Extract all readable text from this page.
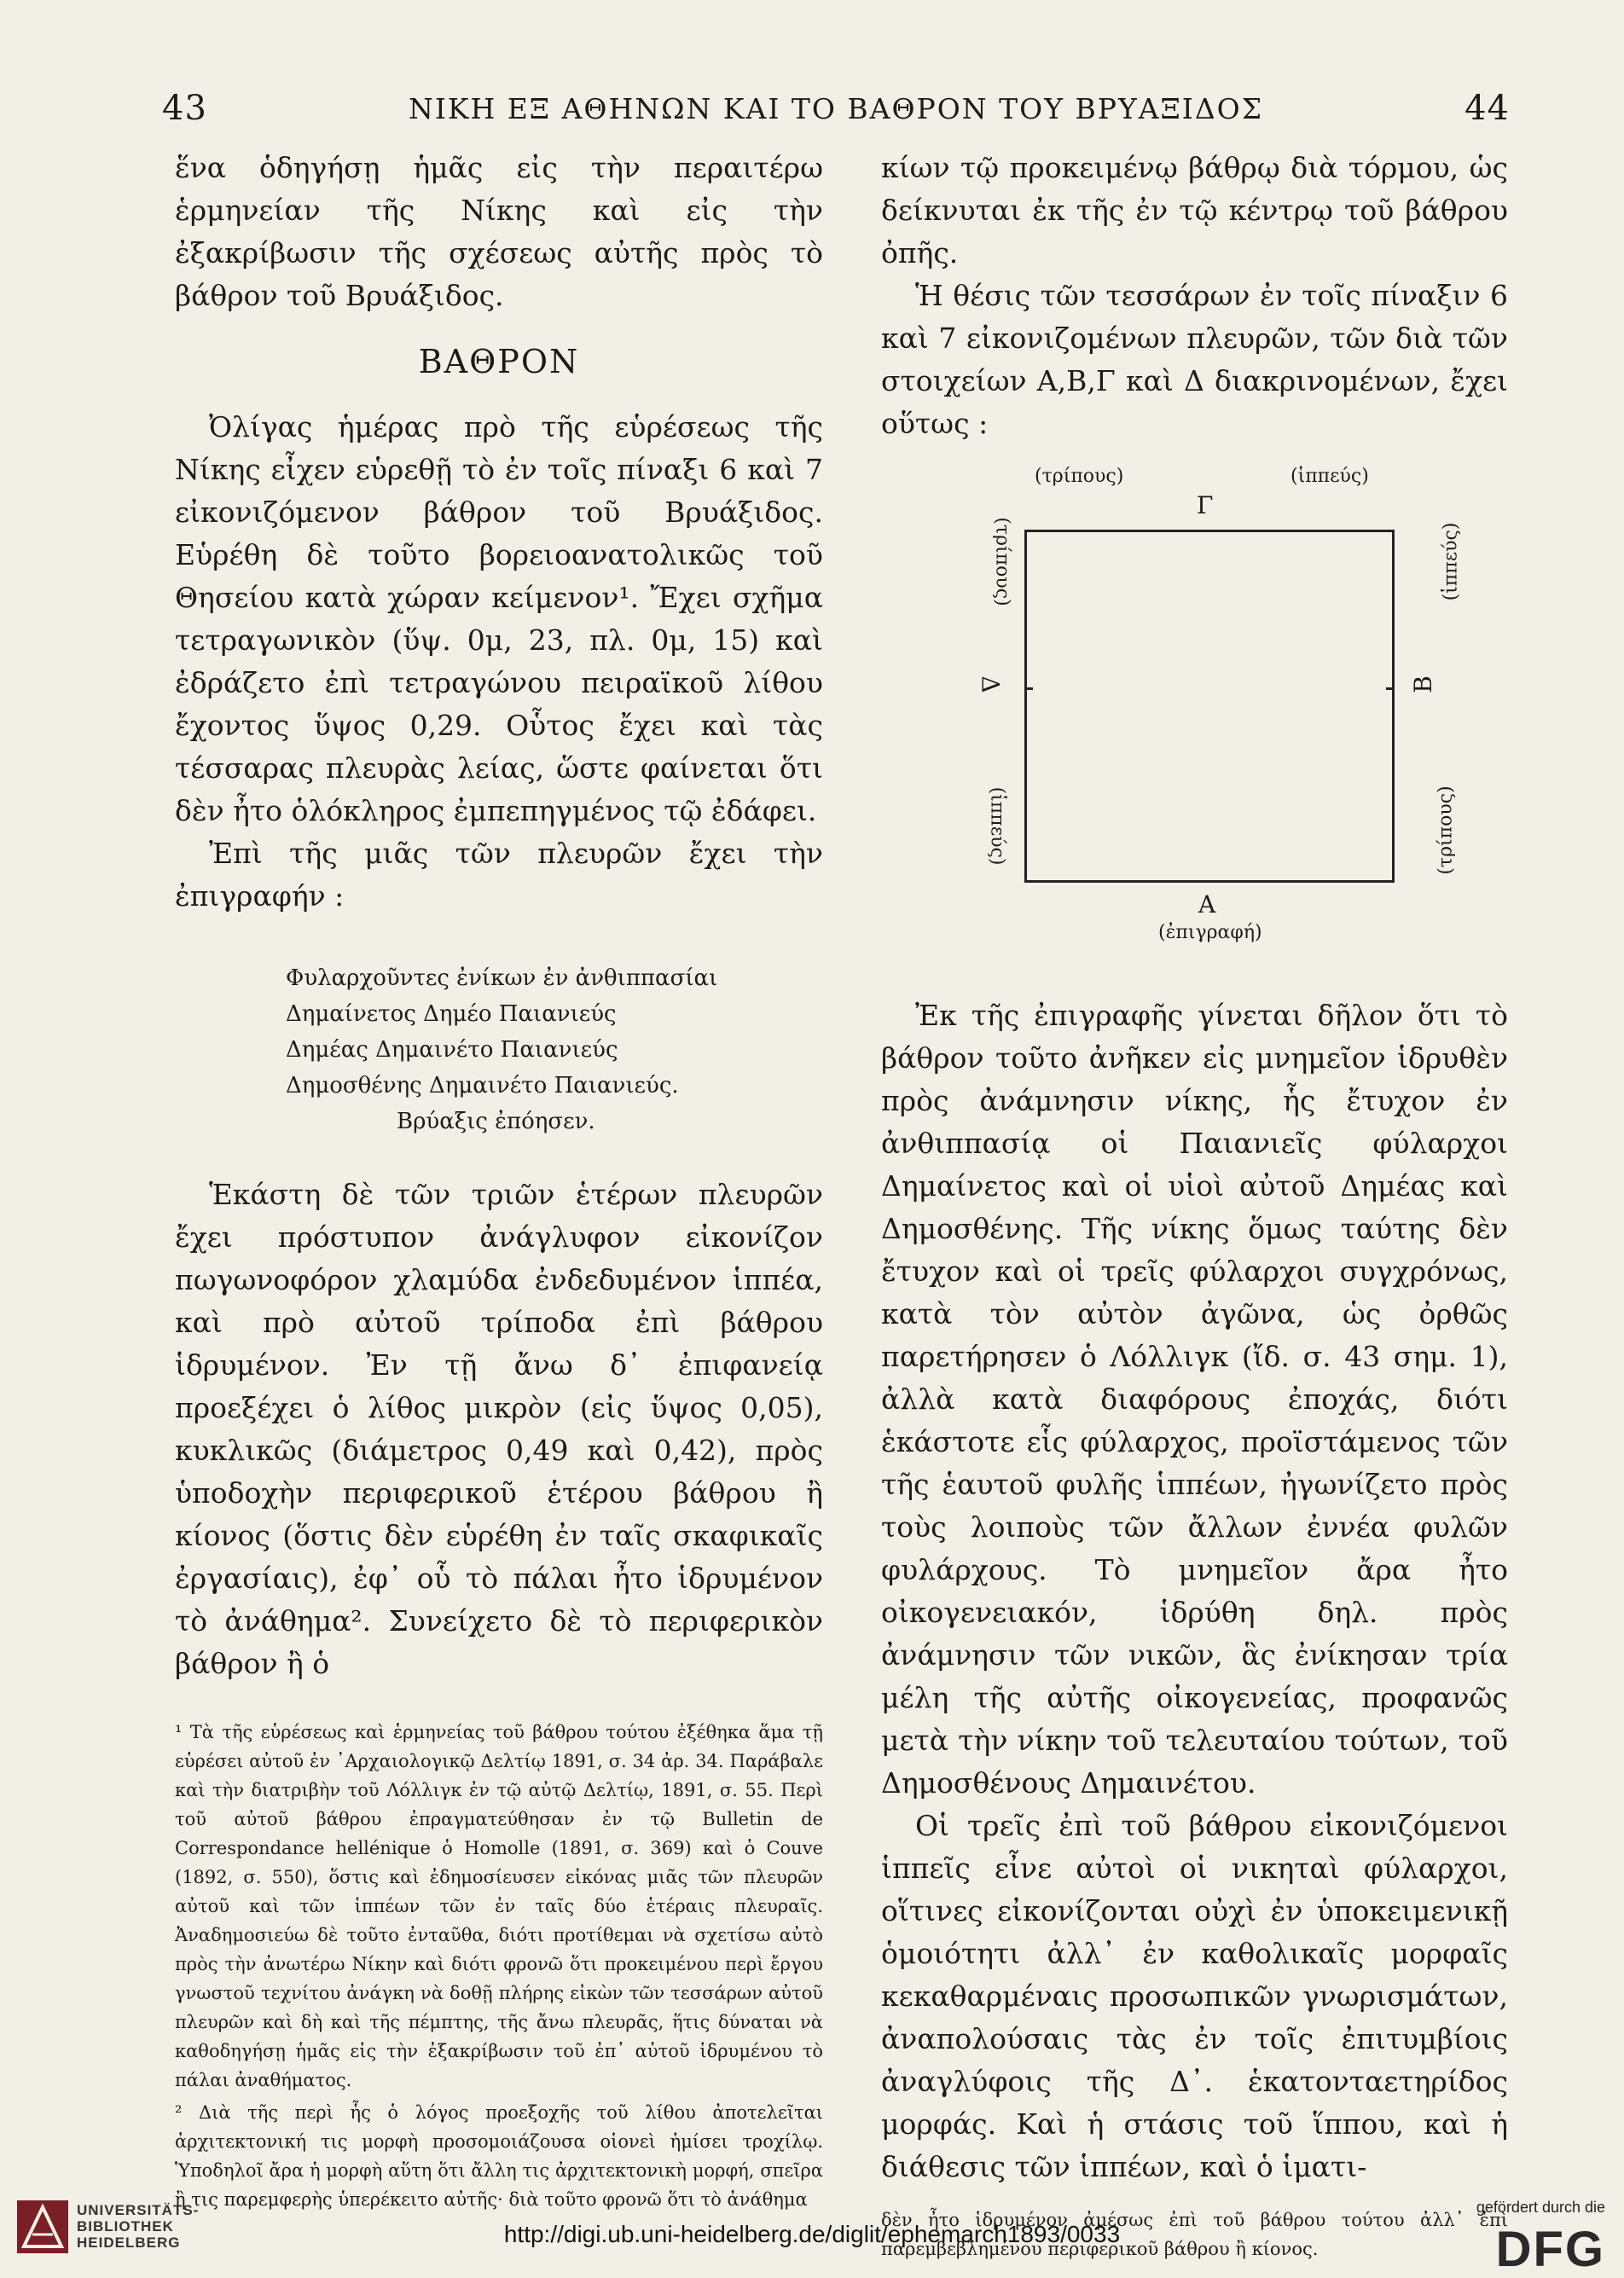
43	ΝΙΚΗ ΕΞ ΑΘΗΝΩΝ ΚΑΙ ΤΟ ΒΑΘΡΟΝ ΤΟΥ ΒΡΥΑΞΙΔΟΣ	44

ἕνα ὁδηγήσῃ ἡμᾶς εἰς τὴν περαιτέρω ἑρμηνείαν τῆς Νίκης καὶ εἰς τὴν ἐξακρίβωσιν τῆς σχέσεως αὐτῆς πρὸς τὸ βάθρον τοῦ Βρυάξιδος.

ΒΑΘΡΟΝ

Ὀλίγας ἡμέρας πρὸ τῆς εὑρέσεως τῆς Νίκης εἶχεν εὑρεθῇ τὸ ἐν τοῖς πίναξι 6 καὶ 7 εἰκονιζόμενον βάθρον τοῦ Βρυάξιδος. Εὑρέθη δὲ τοῦτο βορειοανατολικῶς τοῦ Θησείου κατὰ χώραν κείμενον¹. Ἔχει σχῆμα τετραγωνικὸν (ὕψ. 0μ, 23, πλ. 0μ, 15) καὶ ἐδράζετο ἐπὶ τετραγώνου πειραϊκοῦ λίθου ἔχοντος ὕψος 0,29. Οὗτος ἔχει καὶ τὰς τέσσαρας πλευρὰς λείας, ὥστε φαίνεται ὅτι δὲν ἦτο ὁλόκληρος ἐμπεπηγμένος τῷ ἐδάφει.

Ἐπὶ τῆς μιᾶς τῶν πλευρῶν ἔχει τὴν ἐπιγραφήν :

Φυλαρχοῦντες ἐνίκων ἐν ἀνθιππασίαι
Δημαίνετος Δημέο Παιανιεύς
Δημέας Δημαινέτο Παιανιεύς
Δημοσθένης Δημαινέτο Παιανιεύς.
Βρύαξις ἐπόησεν.

Ἑκάστη δὲ τῶν τριῶν ἑτέρων πλευρῶν ἔχει πρόστυπον ἀνάγλυφον εἰκονίζον πωγωνοφόρον χλαμύδα ἐνδεδυμένον ἱππέα, καὶ πρὸ αὐτοῦ τρίποδα ἐπὶ βάθρου ἱδρυμένον. Ἐν τῇ ἄνω δ᾽ ἐπιφανείᾳ προεξέχει ὁ λίθος μικρὸν (εἰς ὕψος 0,05), κυκλικῶς (διάμετρος 0,49 καὶ 0,42), πρὸς ὑποδοχὴν περιφερικοῦ ἑτέρου βάθρου ἢ κίονος (ὅστις δὲν εὑρέθη ἐν ταῖς σκαφικαῖς ἐργασίαις), ἐφ᾽ οὗ τὸ πάλαι ἦτο ἱδρυμένον τὸ ἀνάθημα². Συνείχετο δὲ τὸ περιφερικὸν βάθρον ἢ ὁ

¹ Τὰ τῆς εὑρέσεως καὶ ἑρμηνείας τοῦ βάθρου τούτου ἐξέθηκα ἅμα τῇ εὑρέσει αὐτοῦ ἐν ᾽Αρχαιολογικῷ Δελτίῳ 1891, σ. 34 ἀρ. 34. Παράβαλε καὶ τὴν διατριβὴν τοῦ Λόλλιγκ ἐν τῷ αὐτῷ Δελτίῳ, 1891, σ. 55. Περὶ τοῦ αὐτοῦ βάθρου ἐπραγματεύθησαν ἐν τῷ Bulletin de Correspondance hellénique ὁ Homolle (1891, σ. 369) καὶ ὁ Couve (1892, σ. 550), ὅστις καὶ ἐδημοσίευσεν εἰκόνας μιᾶς τῶν πλευρῶν αὐτοῦ καὶ τῶν ἱππέων τῶν ἐν ταῖς δύο ἑτέραις πλευραῖς. Ἀναδημοσιεύω δὲ τοῦτο ἐνταῦθα, διότι προτίθεμαι νὰ σχετίσω αὐτὸ πρὸς τὴν ἀνωτέρω Νίκην καὶ διότι φρονῶ ὅτι προκειμένου περὶ ἔργου γνωστοῦ τεχνίτου ἀνάγκη νὰ δοθῇ πλήρης εἰκὼν τῶν τεσσάρων αὐτοῦ πλευρῶν καὶ δὴ καὶ τῆς πέμπτης, τῆς ἄνω πλευρᾶς, ἥτις δύναται νὰ καθοδηγήσῃ ἡμᾶς εἰς τὴν ἐξακρίβωσιν τοῦ ἐπ᾽ αὐτοῦ ἱδρυμένου τὸ πάλαι ἀναθήματος.

² Διὰ τῆς περὶ ἧς ὁ λόγος προεξοχῆς τοῦ λίθου ἀποτελεῖται ἀρχιτεκτονική τις μορφὴ προσομοιάζουσα οἱονεὶ ἡμίσει τροχίλῳ. Ὑποδηλοῖ ἄρα ἡ μορφὴ αὕτη ὅτι ἄλλη τις ἀρχιτεκτονικὴ μορφή, σπεῖρα ἢ τις παρεμφερὴς ὑπερέκειτο αὐτῆς· διὰ τοῦτο φρονῶ ὅτι τὸ ἀνάθημα

κίων τῷ προκειμένῳ βάθρῳ διὰ τόρμου, ὡς δείκνυται ἐκ τῆς ἐν τῷ κέντρῳ τοῦ βάθρου ὀπῆς.

Ἡ θέσις τῶν τεσσάρων ἐν τοῖς πίναξιν 6 καὶ 7 εἰκονιζομένων πλευρῶν, τῶν διὰ τῶν στοιχείων Α,Β,Γ καὶ Δ διακρινομένων, ἔχει οὕτως :

(τρίπους)	(ἱππεύς)
Γ
(τρίπους)
Δ
(ἱππεύς)
(ἱππεύς)
Β
(τρίπους)
Α
(ἐπιγραφή)

Ἐκ τῆς ἐπιγραφῆς γίνεται δῆλον ὅτι τὸ βάθρον τοῦτο ἀνῆκεν εἰς μνημεῖον ἱδρυθὲν πρὸς ἀνάμνησιν νίκης, ἧς ἔτυχον ἐν ἀνθιππασίᾳ οἱ Παιανιεῖς φύλαρχοι Δημαίνετος καὶ οἱ υἱοὶ αὐτοῦ Δημέας καὶ Δημοσθένης. Τῆς νίκης ὅμως ταύτης δὲν ἔτυχον καὶ οἱ τρεῖς φύλαρχοι συγχρόνως, κατὰ τὸν αὐτὸν ἀγῶνα, ὡς ὀρθῶς παρετήρησεν ὁ Λόλλιγκ (ἴδ. σ. 43 σημ. 1), ἀλλὰ κατὰ διαφόρους ἐποχάς, διότι ἑκάστοτε εἷς φύλαρχος, προϊστάμενος τῶν τῆς ἑαυτοῦ φυλῆς ἱππέων, ἠγωνίζετο πρὸς τοὺς λοιποὺς τῶν ἄλλων ἐννέα φυλῶν φυλάρχους. Τὸ μνημεῖον ἄρα ἦτο οἰκογενειακόν, ἱδρύθη δηλ. πρὸς ἀνάμνησιν τῶν νικῶν, ἃς ἐνίκησαν τρία μέλη τῆς αὐτῆς οἰκογενείας, προφανῶς μετὰ τὴν νίκην τοῦ τελευταίου τούτων, τοῦ Δημοσθένους Δημαινέτου.

Οἱ τρεῖς ἐπὶ τοῦ βάθρου εἰκονιζόμενοι ἱππεῖς εἶνε αὐτοὶ οἱ νικηταὶ φύλαρχοι, οἵτινες εἰκονίζονται οὐχὶ ἐν ὑποκειμενικῇ ὁμοιότητι ἀλλ᾽ ἐν καθολικαῖς μορφαῖς κεκαθαρμέναις προσωπικῶν γνωρισμάτων, ἀναπολούσαις τὰς ἐν τοῖς ἐπιτυμβίοις ἀναγλύφοις τῆς Δ᾽. ἑκατονταετηρίδος μορφάς. Καὶ ἡ στάσις τοῦ ἵππου, καὶ ἡ διάθεσις τῶν ἱππέων, καὶ ὁ ἱματι-

δὲν ἦτο ἱδρυμένον ἀμέσως ἐπὶ τοῦ βάθρου τούτου ἀλλ᾽ ἐπὶ παρεμβεβλημένου περιφερικοῦ βάθρου ἢ κίονος.

UNIVERSITÄTS-
BIBLIOTHEK
HEIDELBERG	http://digi.ub.uni-heidelberg.de/diglit/ephemarch1893/0033
gefördert durch die
DFG
